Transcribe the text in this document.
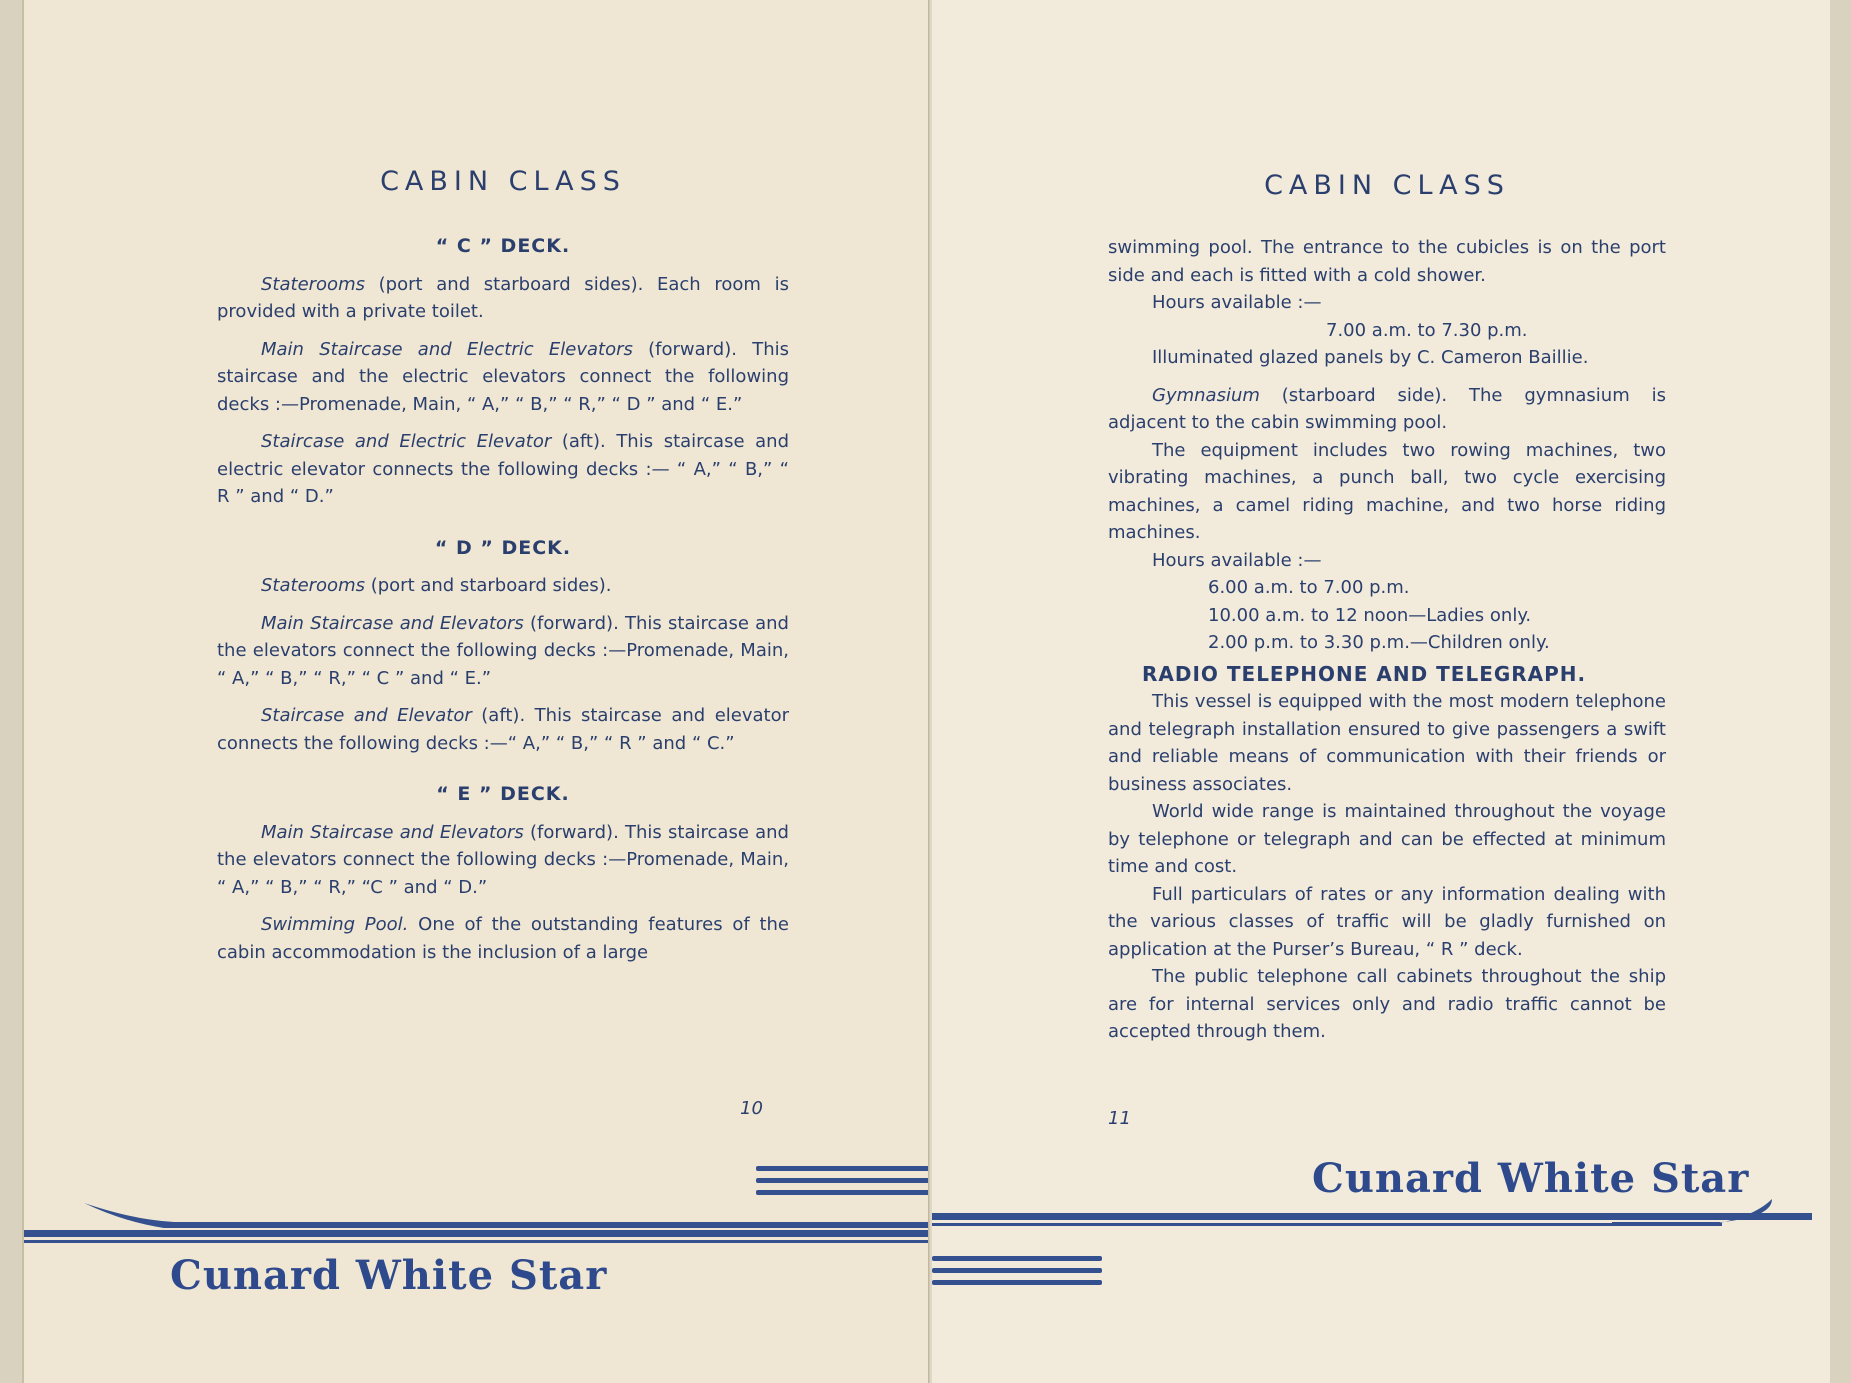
CABIN CLASS

“ C ” DECK.

Staterooms (port and starboard sides). Each room is provided with a private toilet.

Main Staircase and Electric Elevators (forward). This staircase and the electric elevators connect the following decks :—Promenade, Main, “ A,” “ B,” “ R,” “ D ” and “ E.”

Staircase and Electric Elevator (aft). This staircase and electric elevator connects the following decks :— “ A,” “ B,” “ R ” and “ D.”

“ D ” DECK.

Staterooms (port and starboard sides).

Main Staircase and Elevators (forward). This staircase and the elevators connect the following decks :—Promenade, Main, “ A,” “ B,” “ R,” “ C ” and “ E.”

Staircase and Elevator (aft). This staircase and elevator connects the following decks :—“ A,” “ B,” “ R ” and “ C.”

“ E ” DECK.

Main Staircase and Elevators (forward). This staircase and the elevators connect the following decks :—Promenade, Main, “ A,” “ B,” “ R,” “C ” and “ D.”

Swimming Pool. One of the outstanding features of the cabin accommodation is the inclusion of a large

10
Cunard White Star
CABIN CLASS

swimming pool. The entrance to the cubicles is on the port side and each is fitted with a cold shower.

Hours available :—

7.00 a.m. to 7.30 p.m.

Illuminated glazed panels by C. Cameron Baillie.

Gymnasium (starboard side). The gymnasium is adjacent to the cabin swimming pool.

The equipment includes two rowing machines, two vibrating machines, a punch ball, two cycle exercising machines, a camel riding machine, and two horse riding machines.

Hours available :—

6.00 a.m. to 7.00 p.m.

10.00 a.m. to 12 noon—Ladies only.

2.00 p.m. to 3.30 p.m.—Children only.

RADIO TELEPHONE AND TELEGRAPH.

This vessel is equipped with the most modern telephone and telegraph installation ensured to give passengers a swift and reliable means of communication with their friends or business associates.

World wide range is maintained throughout the voyage by telephone or telegraph and can be effected at minimum time and cost.

Full particulars of rates or any information dealing with the various classes of traffic will be gladly furnished on application at the Purser’s Bureau, “ R ” deck.

The public telephone call cabinets throughout the ship are for internal services only and radio traffic cannot be accepted through them.

11
Cunard White Star
